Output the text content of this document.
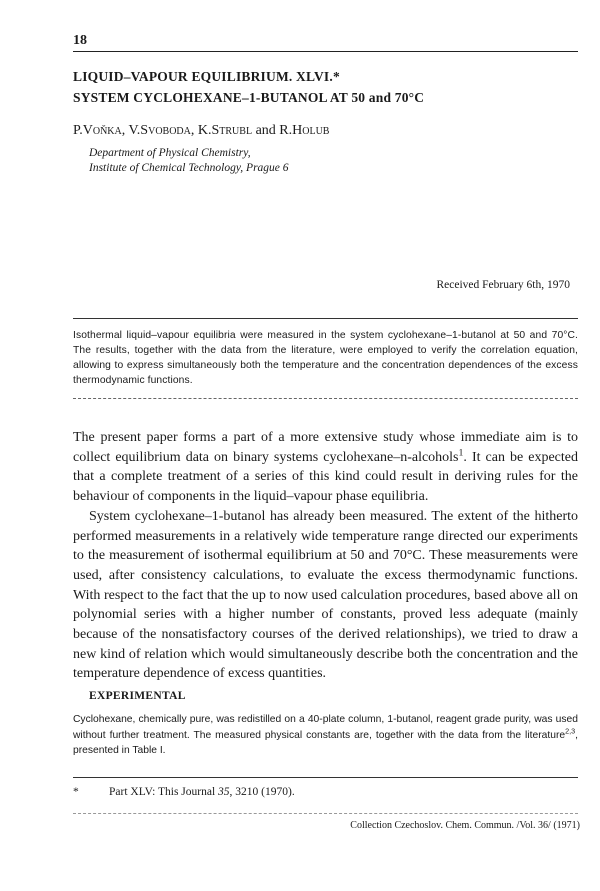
18
LIQUID–VAPOUR EQUILIBRIUM. XLVI.*
SYSTEM CYCLOHEXANE–1-BUTANOL AT 50 and 70°C
P.Voňka, V.Svoboda, K.Strubl and R.Holub
Department of Physical Chemistry,
Institute of Chemical Technology, Prague 6
Received February 6th, 1970
Isothermal liquid–vapour equilibria were measured in the system cyclohexane–1-butanol at 50 and 70°C. The results, together with the data from the literature, were employed to verify the correlation equation, allowing to express simultaneously both the temperature and the concentration dependences of the excess thermodynamic functions.

The present paper forms a part of a more extensive study whose immediate aim is to collect equilibrium data on binary systems cyclohexane–n-alcohols$^1$. It can be expected that a complete treatment of a series of this kind could result in deriving rules for the behaviour of components in the liquid–vapour phase equilibria.

System cyclohexane–1-butanol has already been measured. The extent of the hitherto performed measurements in a relatively wide temperature range directed our experiments to the measurement of isothermal equilibrium at 50 and 70°C. These measurements were used, after consistency calculations, to evaluate the excess thermodynamic functions. With respect to the fact that the up to now used calculation procedures, based above all on polynomial series with a higher number of constants, proved less adequate (mainly because of the nonsatisfactory courses of the derived relationships), we tried to draw a new kind of relation which would simultaneously describe both the concentration and the temperature dependence of excess quantities.

EXPERIMENTAL
Cyclohexane, chemically pure, was redistilled on a 40-plate column, 1-butanol, reagent grade purity, was used without further treatment. The measured physical constants are, together with the data from the literature$^{2,3}$, presented in Table I.
*	Part XLV: This Journal 35, 3210 (1970).
Collection Czechoslov. Chem. Commun. /Vol. 36/ (1971)
